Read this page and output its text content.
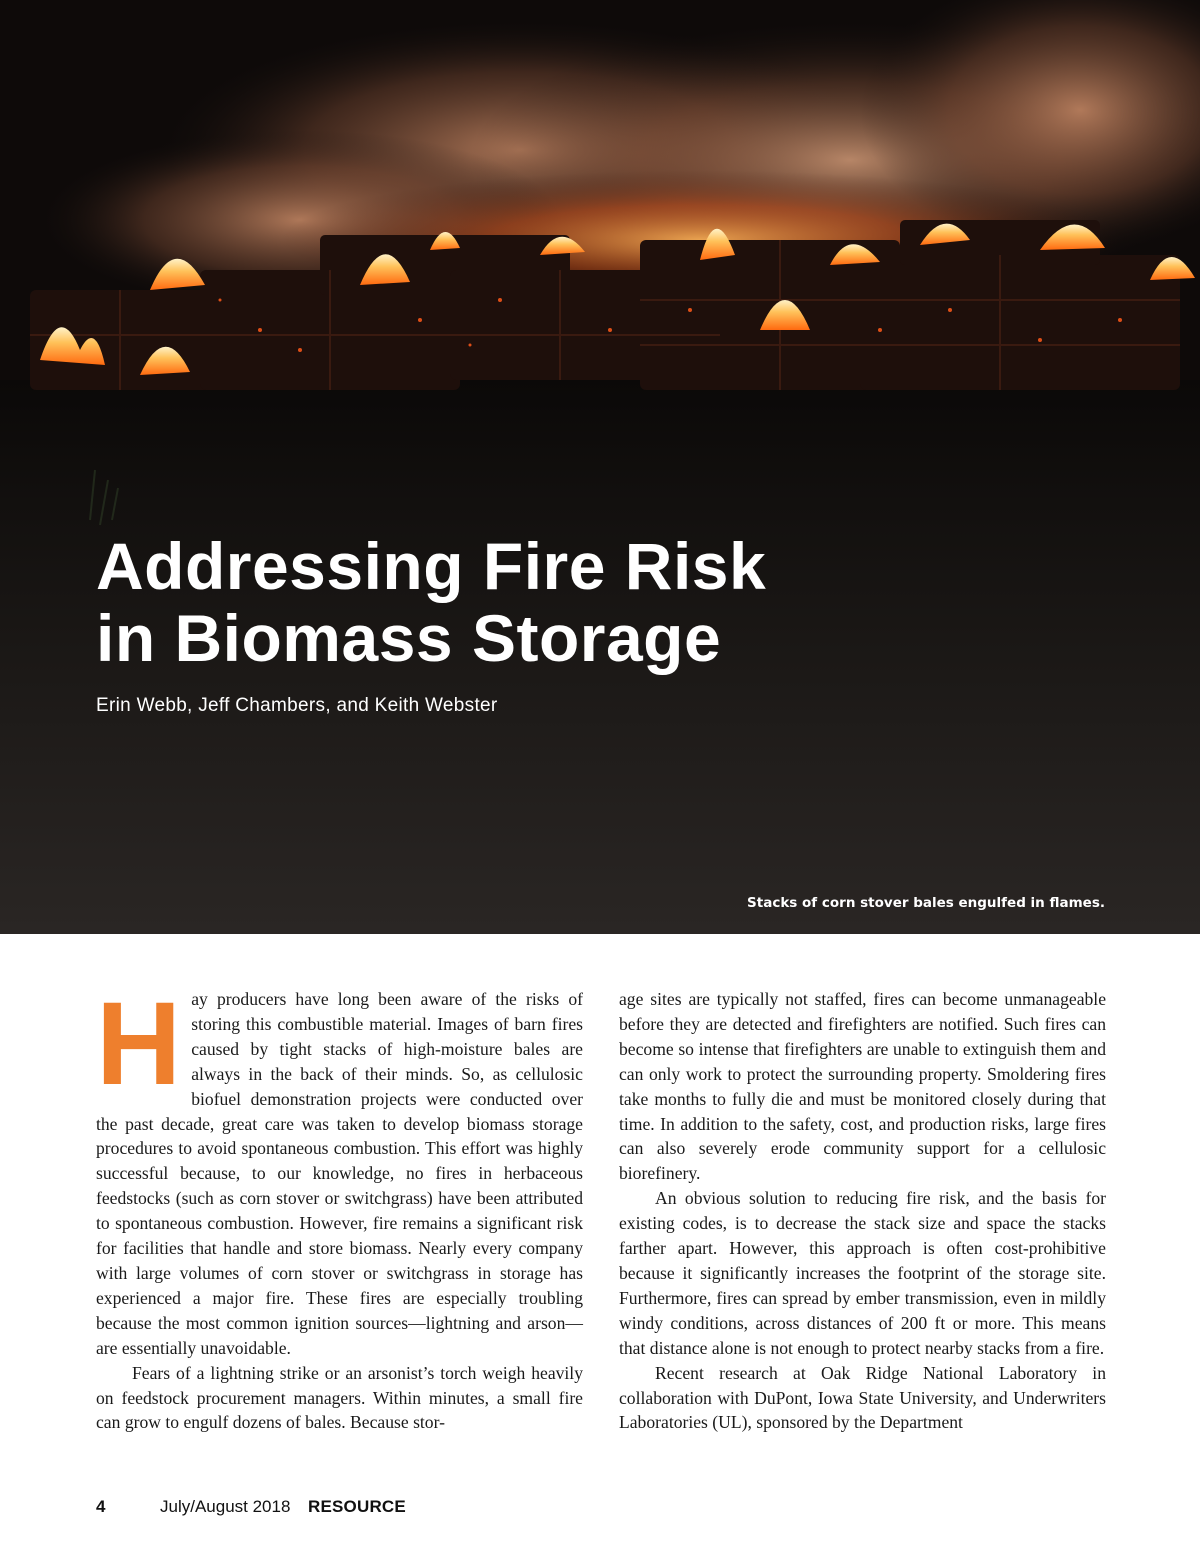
Addressing Fire Risk
in Biomass Storage

Erin Webb, Jeff Chambers, and Keith Webster

Stacks of corn stover bales engulfed in flames.

Hay producers have long been aware of the risks of storing this combustible material. Images of barn fires caused by tight stacks of high-moisture bales are always in the back of their minds. So, as cellulosic biofuel demonstration projects were conducted over the past decade, great care was taken to develop biomass storage procedures to avoid spontaneous combustion. This effort was highly successful because, to our knowledge, no fires in herbaceous feedstocks (such as corn stover or switchgrass) have been attributed to spontaneous combustion. However, fire remains a significant risk for facilities that handle and store biomass. Nearly every company with large volumes of corn stover or switchgrass in storage has experienced a major fire. These fires are especially troubling because the most common ignition sources—lightning and arson—are essentially unavoidable.

Fears of a lightning strike or an arsonist’s torch weigh heavily on feedstock procurement managers. Within minutes, a small fire can grow to engulf dozens of bales. Because stor-

age sites are typically not staffed, fires can become unmanageable before they are detected and firefighters are notified. Such fires can become so intense that firefighters are unable to extinguish them and can only work to protect the surrounding property. Smoldering fires take months to fully die and must be monitored closely during that time. In addition to the safety, cost, and production risks, large fires can also severely erode community support for a cellulosic biorefinery.

An obvious solution to reducing fire risk, and the basis for existing codes, is to decrease the stack size and space the stacks farther apart. However, this approach is often cost-prohibitive because it significantly increases the footprint of the storage site. Furthermore, fires can spread by ember transmission, even in mildly windy conditions, across distances of 200 ft or more. This means that distance alone is not enough to protect nearby stacks from a fire.

Recent research at Oak Ridge National Laboratory in collaboration with DuPont, Iowa State University, and Underwriters Laboratories (UL), sponsored by the Department

4	July/August 2018 RESOURCE
